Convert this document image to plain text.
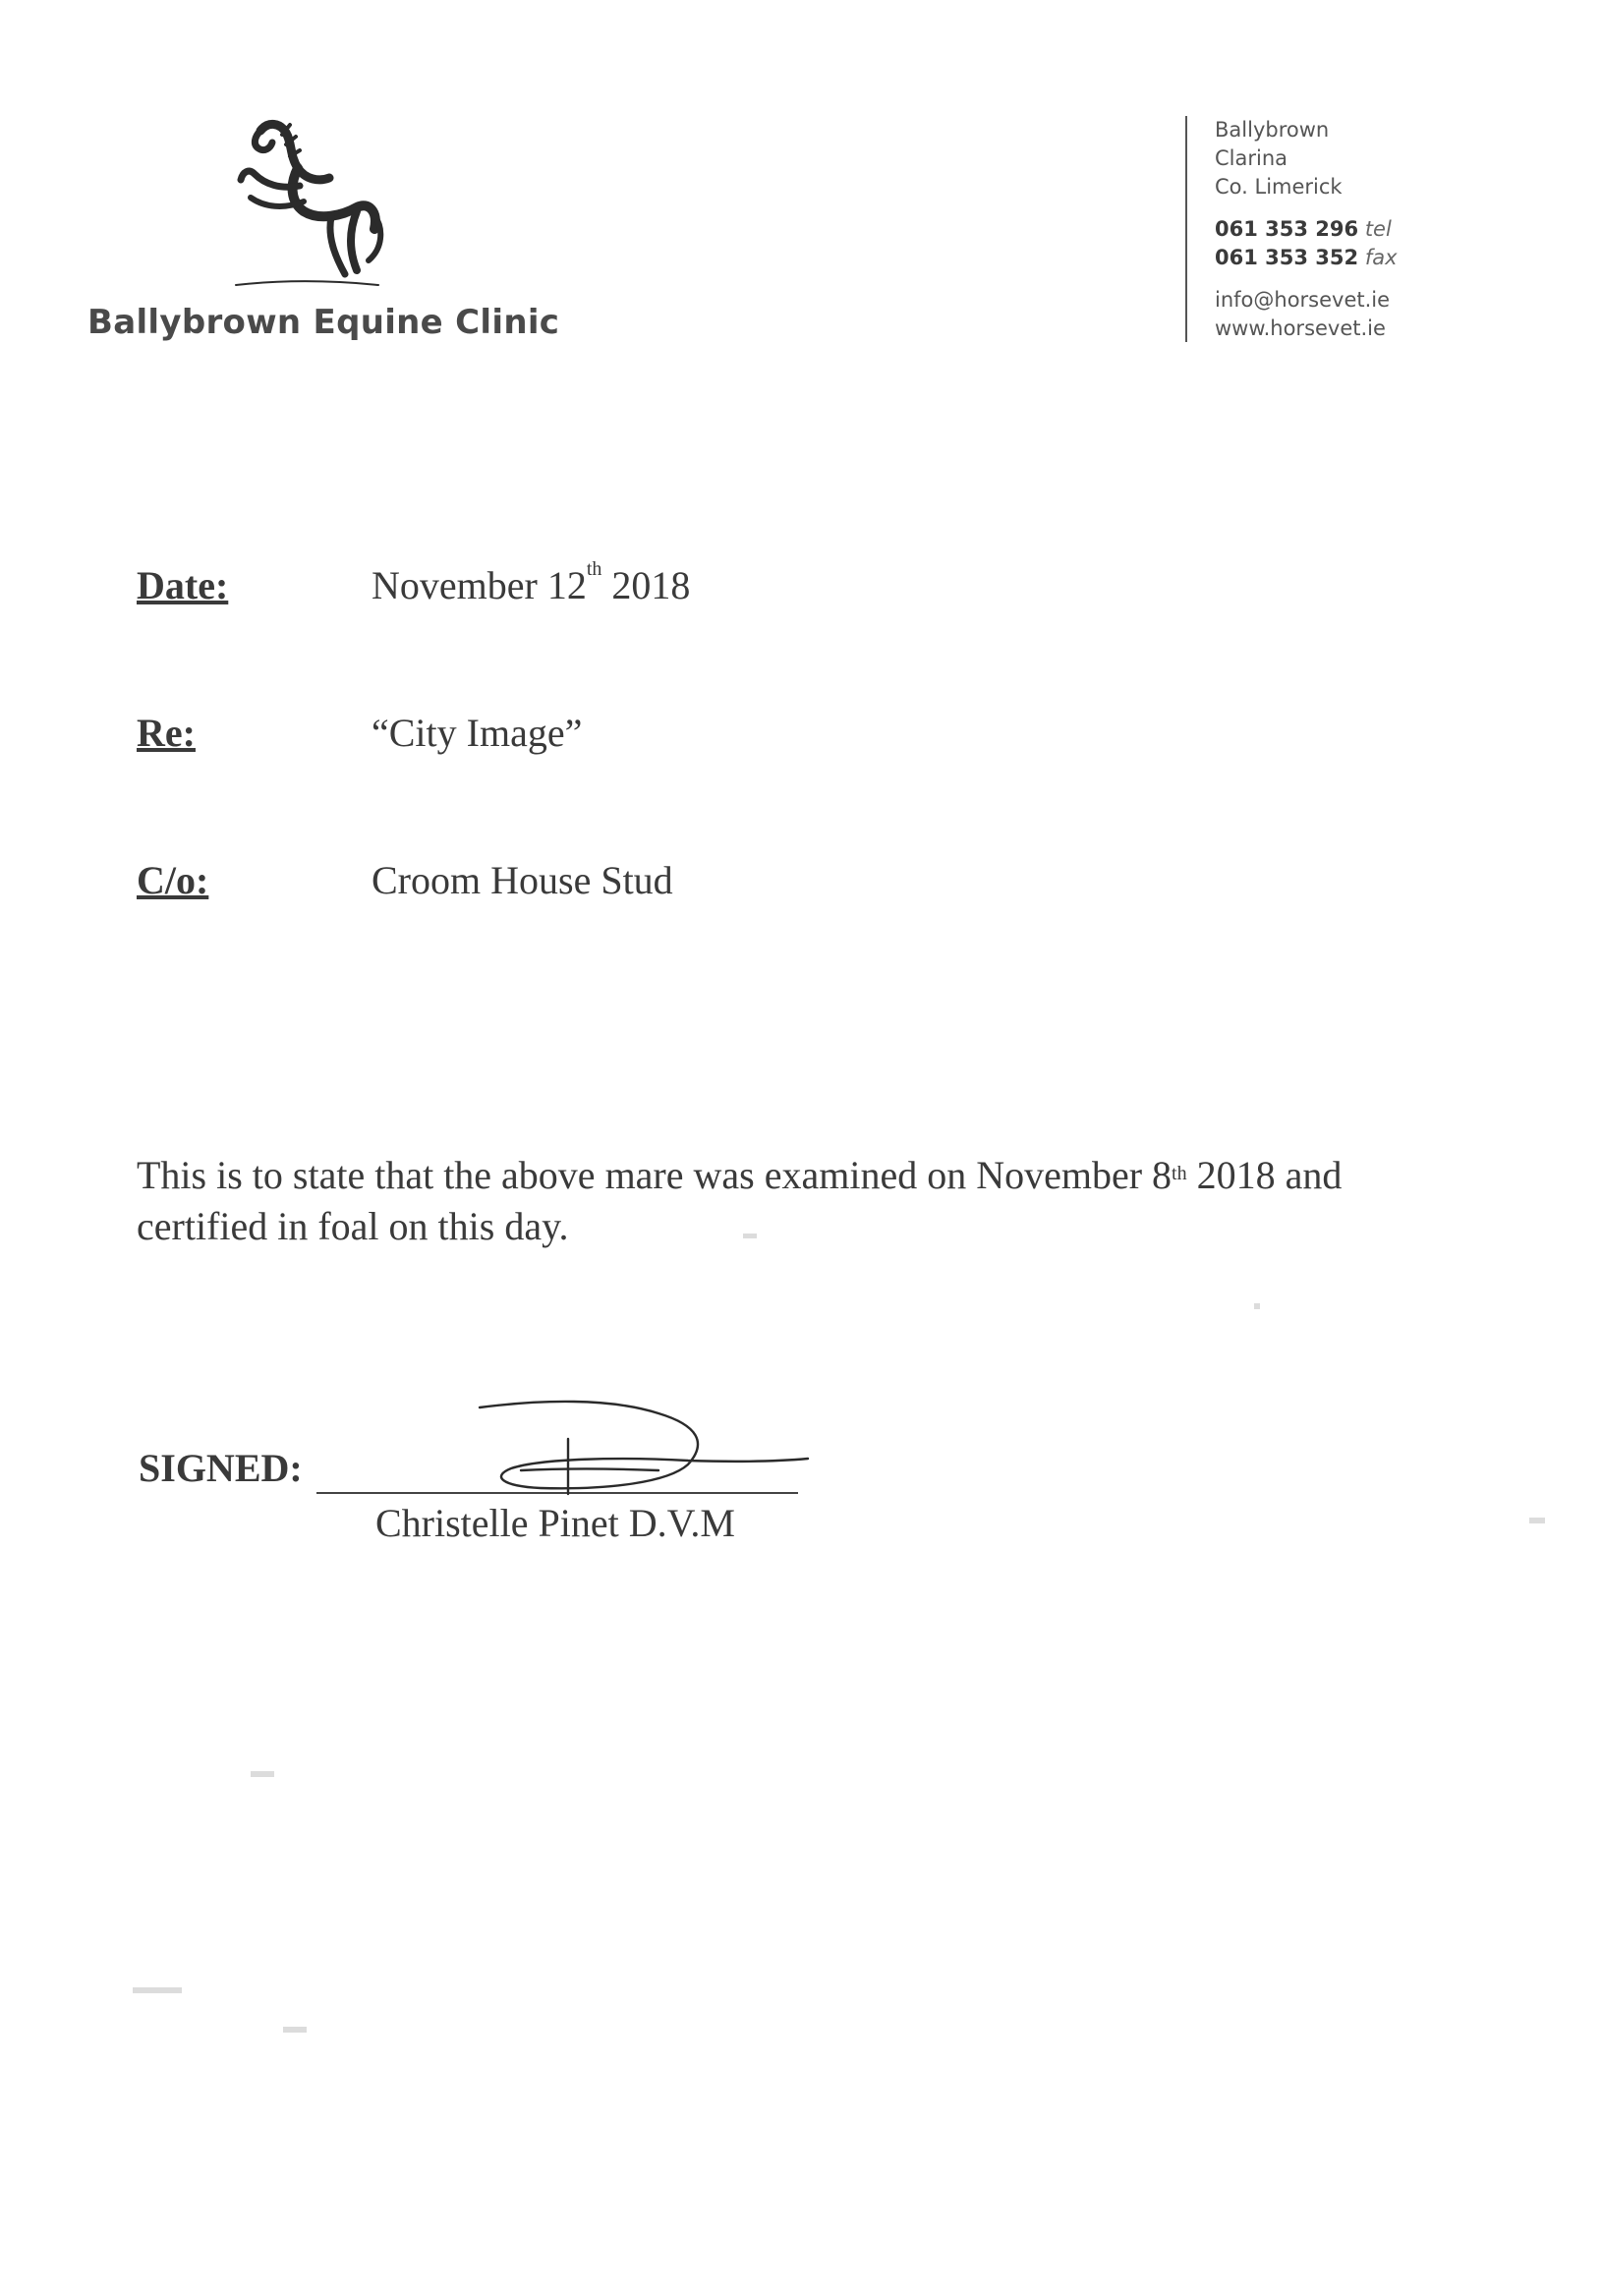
Ballybrown Equine Clinic
Ballybrown
Clarina
Co. Limerick
061 353 296 tel
061 353 352 fax
info@horsevet.ie
www.horsevet.ie
Date:	November 12th 2018
Re:	“City Image”
C/o:	Croom House Stud
This is to state that the above mare was examined on November 8th 2018 and certified in foal on this day.
SIGNED:
Christelle Pinet D.V.M
